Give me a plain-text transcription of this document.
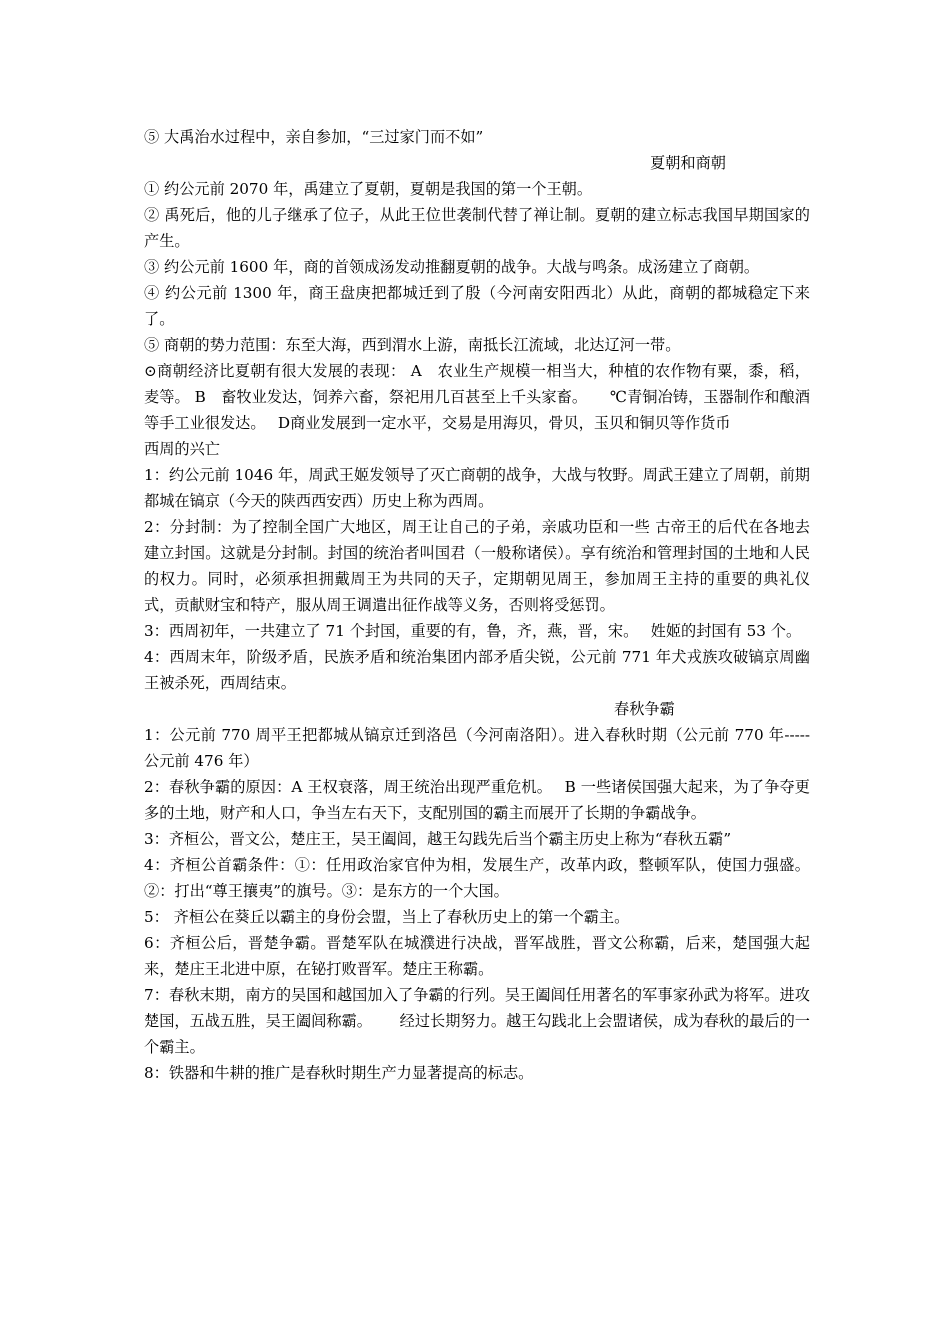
⑤ 大禹治水过程中，亲自参加，“三过家门而不如”

夏朝和商朝

① 约公元前 2070 年，禹建立了夏朝，夏朝是我国的第一个王朝。

② 禹死后，他的儿子继承了位子，从此王位世袭制代替了禅让制。夏朝的建立标志我国早期国家的产生。

③ 约公元前 1600 年，商的首领成汤发动推翻夏朝的战争。大战与鸣条。成汤建立了商朝。

④ 约公元前 1300 年，商王盘庚把都城迁到了殷（今河南安阳西北）从此，商朝的都城稳定下来了。

⑤ 商朝的势力范围：东至大海，西到渭水上游，南抵长江流域，北达辽河一带。

⊙商朝经济比夏朝有很大发展的表现： A　农业生产规模一相当大，种植的农作物有粟，黍，稻，麦等。 B　畜牧业发达，饲养六畜，祭祀用几百甚至上千头家畜。　　℃青铜冶铸，玉器制作和酿酒等手工业很发达。　 D商业发展到一定水平，交易是用海贝，骨贝，玉贝和铜贝等作货币

西周的兴亡

1：约公元前 1046 年，周武王姬发领导了灭亡商朝的战争，大战与牧野。周武王建立了周朝，前期都城在镐京（今天的陕西西安西）历史上称为西周。

2：分封制：为了控制全国广大地区，周王让自己的子弟，亲戚功臣和一些 古帝王的后代在各地去建立封国。这就是分封制。封国的统治者叫国君（一般称诸侯）。享有统治和管理封国的土地和人民的权力。同时，必须承担拥戴周王为共同的天子，定期朝见周王，参加周王主持的重要的典礼仪式，贡献财宝和特产，服从周王调遣出征作战等义务，否则将受惩罚。

3：西周初年，一共建立了 71 个封国，重要的有，鲁，齐，燕，晋，宋。　 姓姬的封国有 53 个。

4：西周末年，阶级矛盾，民族矛盾和统治集团内部矛盾尖锐，公元前 771 年犬戎族攻破镐京周幽王被杀死，西周结束。

春秋争霸

1：公元前 770 周平王把都城从镐京迁到洛邑（今河南洛阳）。进入春秋时期（公元前 770 年-----公元前 476 年）

2：春秋争霸的原因：A 王权衰落，周王统治出现严重危机。　 B 一些诸侯国强大起来，为了争夺更多的土地，财产和人口，争当左右天下，支配別国的霸主而展开了长期的争霸战争。

3：齐桓公，晋文公，楚庄王，吴王阖闾，越王勾践先后当个霸主历史上称为“春秋五霸”

4：齐桓公首霸条件：①：任用政治家官仲为相，发展生产，改革内政，整顿军队，使国力强盛。②：打出“尊王攘夷”的旗号。③：是东方的一个大国。

5： 齐桓公在葵丘以霸主的身份会盟，当上了春秋历史上的第一个霸主。

6：齐桓公后，晋楚争霸。晋楚军队在城濮进行决战，晋军战胜，晋文公称霸，后来，楚国强大起来，楚庄王北进中原，在铋打败晋军。楚庄王称霸。

7：春秋末期，南方的吴国和越国加入了争霸的行列。吴王阖闾任用著名的军事家孙武为将军。进攻楚国，五战五胜，吴王阖闾称霸。　　 经过长期努力。越王勾践北上会盟诸侯，成为春秋的最后的一个霸主。

8：铁器和牛耕的推广是春秋时期生产力显著提高的标志。
